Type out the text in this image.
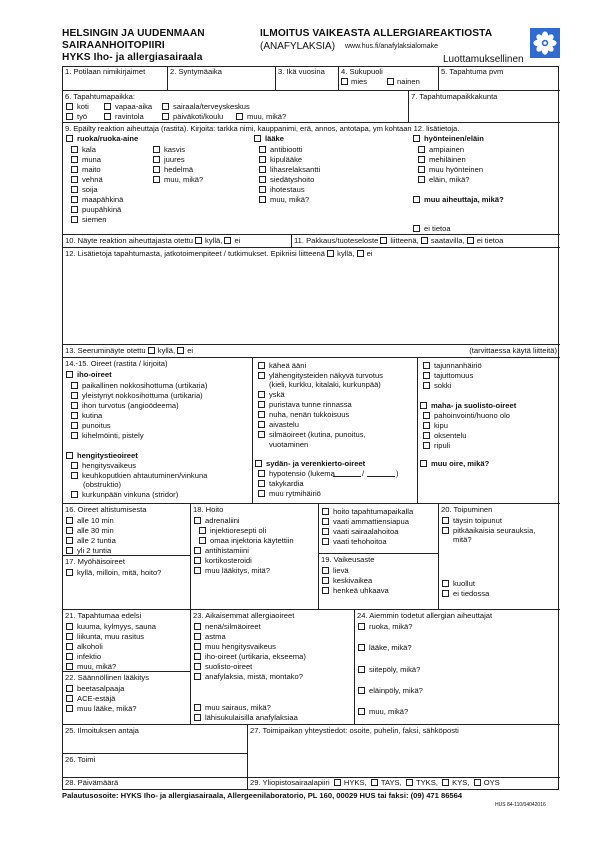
HELSINGIN JA UUDENMAAN
SAIRAANHOITOPIIRI
HYKS Iho- ja allergiasairaala
ILMOITUS VAIKEASTA ALLERGIAREAKTIOSTA
(ANAFYLAKSIA) www.hus.fi/anafylaksialomake
Luottamuksellinen
1. Potilaan nimikirjaimet	2. Syntymäaika	3. Ikä vuosina 4. Sukupuoli
mies	nainen
5. Tapahtuma pvm
6. Tapahtumapaikka:
koti	vapaa-aika	sairaala/terveyskeskus
työ	ravintola	päiväkoti/koulu	muu, mikä?
7. Tapahtumapaikkakunta
9. Epäilty reaktion aiheuttaja (rastita). Kirjoita: tarkka nimi, kauppanimi, erä, annos, antotapa, ym kohtaan 12. lisätietoja.
ruoka/ruoka-aine
kala
muna
maito
vehnä
soija
maapähkinä
puupähkinä
siemen
kasvis
juures
hedelmä
muu, mikä?
lääke
antibiootti
kipulääke
lihasrelaksantti
siedätyshoito
ihotestaus
muu, mikä?
hyönteinen/eläin
ampiainen
mehiläinen
muu hyönteinen
eläin, mikä?
muu aiheuttaja, mikä?
ei tietoa
10. Näyte reaktion aiheuttajasta otettu kyllä, ei	11. Pakkaus/tuoteseloste liitteenä, saatavilla, ei tietoa
12. Lisätietoja tapahtumasta, jatkotoimenpiteet / tutkimukset. Epikriisi liitteenä kyllä, ei
13. Seeruminäyte otettu kyllä, ei	(tarvittaessa käytä liitteitä)
14.-15. Oireet (rastita / kirjoita)
iho-oireet
paikallinen nokkosihottuma (urtikaria)
yleistynyt nokkosihottuma (urtikaria)
ihon turvotus (angioödeema)
kutina
punoitus
kihelmöinti, pistely
hengitystieoireet
hengitysvaikeus
keuhkoputkien ahtautuminen/vinkuna
(obstruktio)
kurkunpään vinkuna (stridor)
käheä ääni
ylähengitysteiden näkyvä turvotus
(kieli, kurkku, kitalaki, kurkunpää)
yskä
puristava tunne rinnassa
nuha, nenän tukkoisuus
aivastelu
silmäoireet (kutina, punoitus,
vuotaminen
sydän- ja verenkierto-oireet
hypotensio (lukema	/	)
takykardia
muu rytmihäiriö
tajunnanhäiriö
tajuttomuus
sokki
maha- ja suolisto-oireet
pahoinvointi/huono olo
kipu
oksentelu
ripuli
muu oire, mikä?
16. Oireet altistumisesta
alle 10 min
alle 30 min
alle 2 tuntia
yli 2 tuntia
17. Myöhäisoireet
kyllä, milloin, mitä, hoito?
18. Hoito
adrenaliini
injektioresepti oli
omaa injektoria käytettiin
antihistamiini
kortikosteroidi
muu lääkitys, mitä?
hoito tapahtumapaikalla
vaati ammattiensiapua
vaati sairaalahoitoa
vaati tehohoitoa
19. Vaikeusaste
lievä
keskivaikea
henkeä uhkaava
20. Toipuminen
täysin toipunut
pitkäaikaisia seurauksia,
mitä?
kuollut
ei tiedossa
21. Tapahtumaa edelsi
kuuma, kylmyys, sauna
liikunta, muu rasitus
alkoholi
infektio
muu, mikä?
22. Säännöllinen lääkitys
beetasalpaaja
ACE-estäjä
muu lääke, mikä?
23. Aikaisemmat allergiaoireet
nenä/silmäoireet
astma
muu hengitysvaikeus
iho-oireet (urtikaria, ekseema)
suolisto-oireet
anafylaksia, mistä, montako?
muu sairaus, mikä?
lähisukulaisilla anafylaksiaa
24. Aiemmin todetut allergian aiheuttajat
ruoka, mikä?
lääke, mikä?
siitepöly, mikä?
eläinpöly, mikä?
muu, mikä?
25. Ilmoituksen antaja
26. Toimi
27. Toimipaikan yhteystiedot: osoite, puhelin, faksi, sähköposti
28. Päivämäärä	29. Yliopistosairaalapiiri HYKS, TAYS, TYKS, KYS, OYS
Palautusosoite: HYKS Iho- ja allergiasairaala, Allergeenilaboratorio, PL 160, 00029 HUS tai faksi: (09) 471 86564
HUS 84-110/04042016
